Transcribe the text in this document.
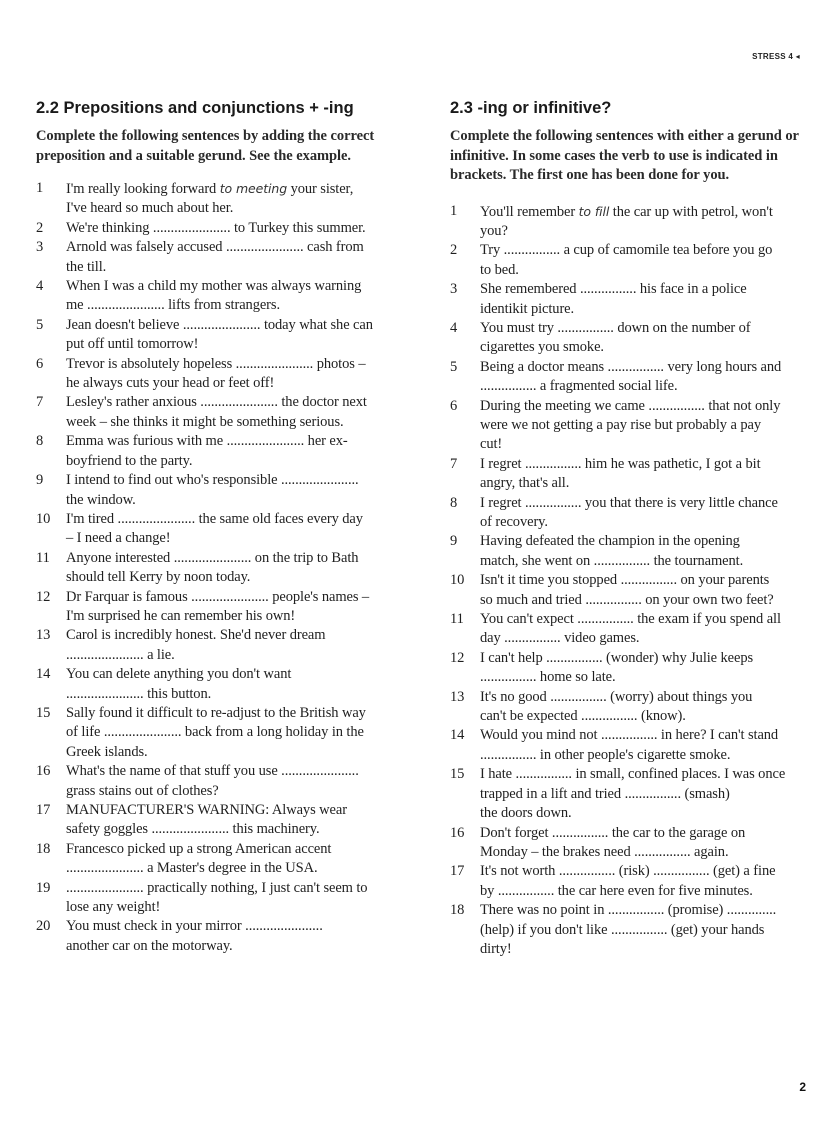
STRESS 4 ◂
2.2 Prepositions and conjunctions + -ing
Complete the following sentences by adding the correct preposition and a suitable gerund. See the example.
1	I'm really looking forward to meeting your sister,
I've heard so much about her.
2	We're thinking ...................... to Turkey this summer.
3	Arnold was falsely accused ...................... cash from
the till.
4	When I was a child my mother was always warning
me ...................... lifts from strangers.
5	Jean doesn't believe ...................... today what she can
put off until tomorrow!
6	Trevor is absolutely hopeless ...................... photos –
he always cuts your head or feet off!
7	Lesley's rather anxious ...................... the doctor next
week – she thinks it might be something serious.
8	Emma was furious with me ...................... her ex-
boyfriend to the party.
9	I intend to find out who's responsible ......................
the window.
10	I'm tired ...................... the same old faces every day
– I need a change!
11	Anyone interested ...................... on the trip to Bath
should tell Kerry by noon today.
12	Dr Farquar is famous ...................... people's names –
I'm surprised he can remember his own!
13	Carol is incredibly honest. She'd never dream
...................... a lie.
14	You can delete anything you don't want
...................... this button.
15	Sally found it difficult to re-adjust to the British way
of life ...................... back from a long holiday in the
Greek islands.
16	What's the name of that stuff you use ......................
grass stains out of clothes?
17	MANUFACTURER'S WARNING: Always wear
safety goggles ...................... this machinery.
18	Francesco picked up a strong American accent
...................... a Master's degree in the USA.
19	...................... practically nothing, I just can't seem to
lose any weight!
20	You must check in your mirror ......................
another car on the motorway.
2.3 -ing or infinitive?
Complete the following sentences with either a gerund or infinitive. In some cases the verb to use is indicated in brackets. The first one has been done for you.
1	You'll remember to fill the car up with petrol, won't
you?
2	Try ................ a cup of camomile tea before you go
to bed.
3	She remembered ................ his face in a police
identikit picture.
4	You must try ................ down on the number of
cigarettes you smoke.
5	Being a doctor means ................ very long hours and
................ a fragmented social life.
6	During the meeting we came ................ that not only
were we not getting a pay rise but probably a pay
cut!
7	I regret ................ him he was pathetic, I got a bit
angry, that's all.
8	I regret ................ you that there is very little chance
of recovery.
9	Having defeated the champion in the opening
match, she went on ................ the tournament.
10	Isn't it time you stopped ................ on your parents
so much and tried ................ on your own two feet?
11	You can't expect ................ the exam if you spend all
day ................ video games.
12	I can't help ................ (wonder) why Julie keeps
................ home so late.
13	It's no good ................ (worry) about things you
can't be expected ................ (know).
14	Would you mind not ................ in here? I can't stand
................ in other people's cigarette smoke.
15	I hate ................ in small, confined places. I was once
trapped in a lift and tried ................ (smash)
the doors down.
16	Don't forget ................ the car to the garage on
Monday – the brakes need ................ again.
17	It's not worth ................ (risk) ................ (get) a fine
by ................ the car here even for five minutes.
18	There was no point in ................ (promise) ..............
(help) if you don't like ................ (get) your hands
dirty!
2
